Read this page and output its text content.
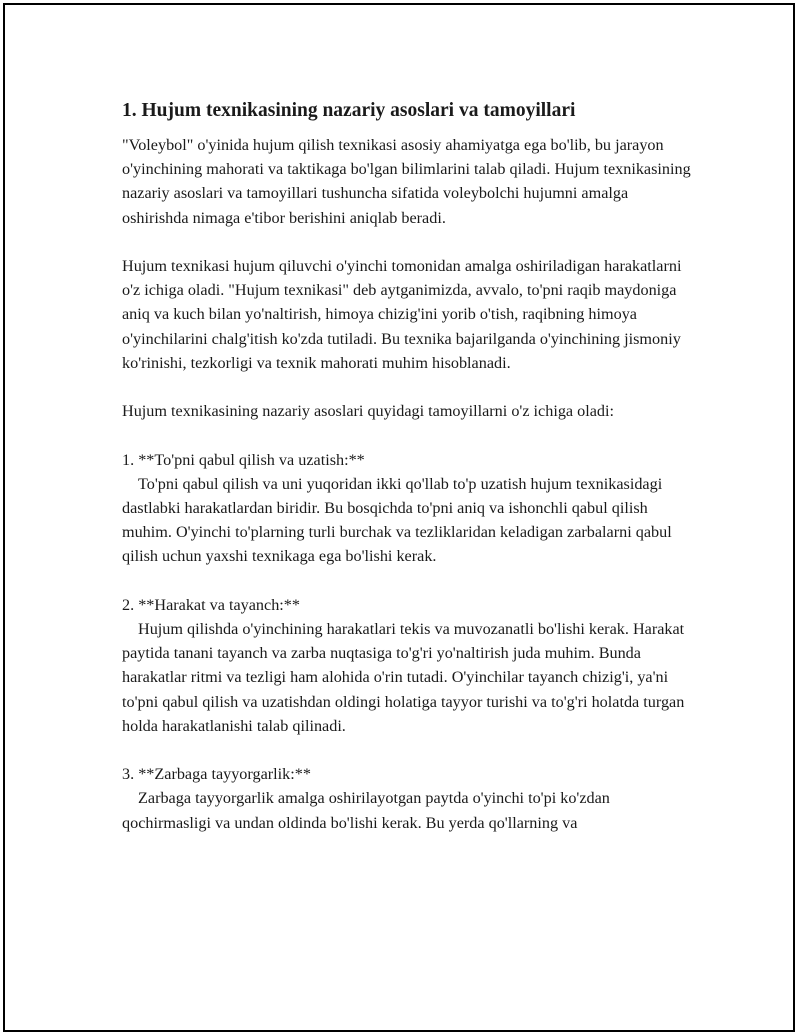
1. Hujum texnikasining nazariy asoslari va tamoyillari

"Voleybol" o'yinida hujum qilish texnikasi asosiy ahamiyatga ega bo'lib, bu jarayon o'yinchining mahorati va taktikaga bo'lgan bilimlarini talab qiladi. Hujum texnikasining nazariy asoslari va tamoyillari tushuncha sifatida voleybolchi hujumni amalga oshirishda nimaga e'tibor berishini aniqlab beradi.

Hujum texnikasi hujum qiluvchi o'yinchi tomonidan amalga oshiriladigan harakatlarni o'z ichiga oladi. "Hujum texnikasi" deb aytganimizda, avvalo, to'pni raqib maydoniga aniq va kuch bilan yo'naltirish, himoya chizig'ini yorib o'tish, raqibning himoya o'yinchilarini chalg'itish ko'zda tutiladi. Bu texnika bajarilganda o'yinchining jismoniy ko'rinishi, tezkorligi va texnik mahorati muhim hisoblanadi.

Hujum texnikasining nazariy asoslari quyidagi tamoyillarni o'z ichiga oladi:

1. **To'pni qabul qilish va uzatish:**
To'pni qabul qilish va uni yuqoridan ikki qo'llab to'p uzatish hujum texnikasidagi dastlabki harakatlardan biridir. Bu bosqichda to'pni aniq va ishonchli qabul qilish muhim. O'yinchi to'plarning turli burchak va tezliklaridan keladigan zarbalarni qabul qilish uchun yaxshi texnikaga ega bo'lishi kerak.
2. **Harakat va tayanch:**
Hujum qilishda o'yinchining harakatlari tekis va muvozanatli bo'lishi kerak. Harakat paytida tanani tayanch va zarba nuqtasiga to'g'ri yo'naltirish juda muhim. Bunda harakatlar ritmi va tezligi ham alohida o'rin tutadi. O'yinchilar tayanch chizig'i, ya'ni to'pni qabul qilish va uzatishdan oldingi holatiga tayyor turishi va to'g'ri holatda turgan holda harakatlanishi talab qilinadi.
3. **Zarbaga tayyorgarlik:**
Zarbaga tayyorgarlik amalga oshirilayotgan paytda o'yinchi to'pi ko'zdan qochirmasligi va undan oldinda bo'lishi kerak. Bu yerda qo'llarning va
